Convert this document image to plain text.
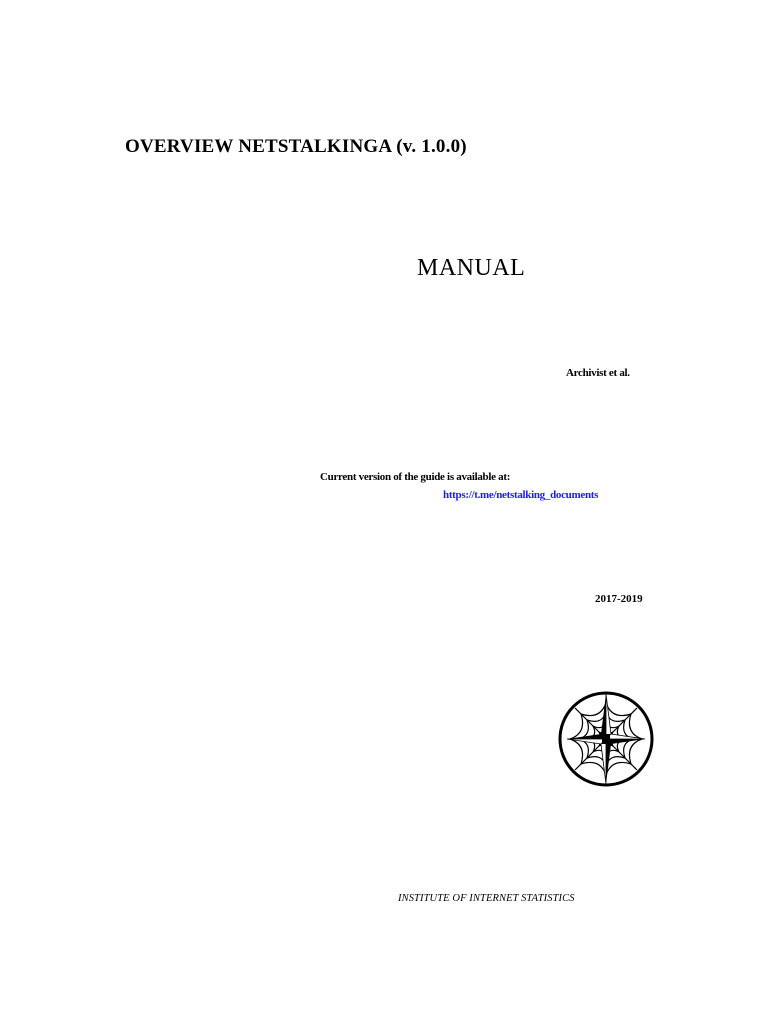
OVERVIEW NETSTALKINGA (v. 1.0.0)
MANUAL
Archivist et al.
Current version of the guide is available at:
https://t.me/netstalking_documents
2017-2019
INSTITUTE OF INTERNET STATISTICS
